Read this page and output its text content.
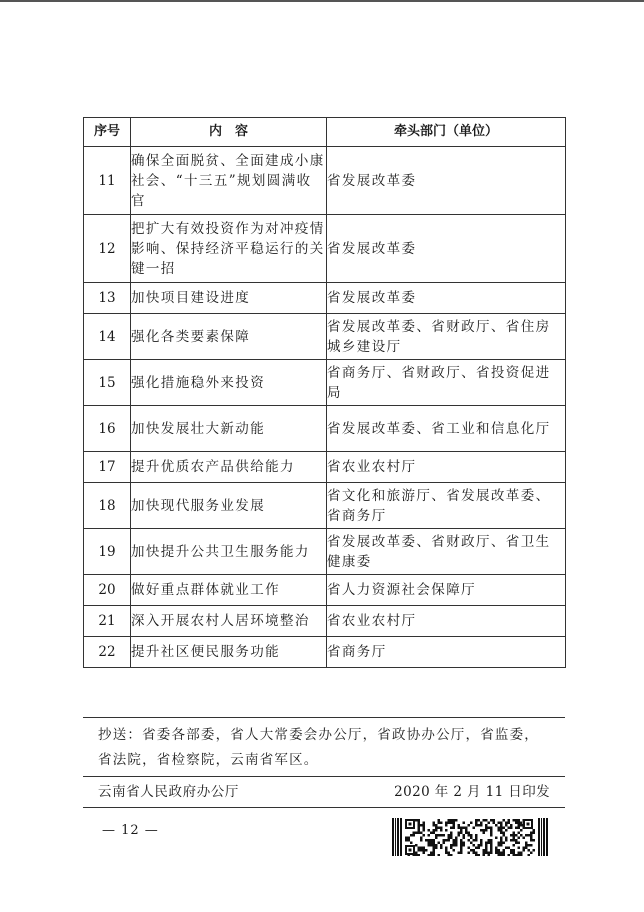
序号	内　容	牵头部门（单位）
11	确保全面脱贫、全面建成小康社会、“十三五”规划圆满收官	省发展改革委
12	把扩大有效投资作为对冲疫情影响、保持经济平稳运行的关键一招	省发展改革委
13	加快项目建设进度	省发展改革委
14	强化各类要素保障	省发展改革委、省财政厅、省住房城乡建设厅
15	强化措施稳外来投资	省商务厅、省财政厅、省投资促进局
16	加快发展壮大新动能	省发展改革委、省工业和信息化厅
17	提升优质农产品供给能力	省农业农村厅
18	加快现代服务业发展	省文化和旅游厅、省发展改革委、省商务厅
19	加快提升公共卫生服务能力	省发展改革委、省财政厅、省卫生健康委
20	做好重点群体就业工作	省人力资源社会保障厅
21	深入开展农村人居环境整治	省农业农村厅
22	提升社区便民服务功能	省商务厅
抄送：省委各部委，省人大常委会办公厅，省政协办公厅，省监委，省法院，省检察院，云南省军区。
云南省人民政府办公厅	2020 年 2 月 11 日印发
— 12 —
